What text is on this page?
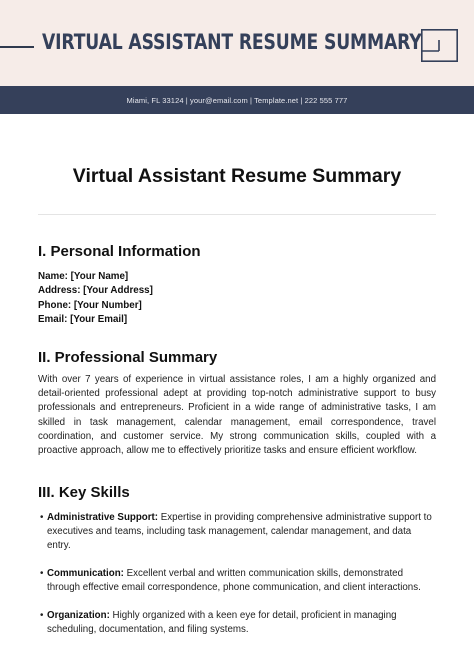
VIRTUAL ASSISTANT RESUME SUMMARY
Miami, FL 33124 | your@email.com | Template.net | 222 555 777
Virtual Assistant Resume Summary
I. Personal Information
Name: [Your Name]
Address: [Your Address]
Phone: [Your Number]
Email: [Your Email]
II. Professional Summary

With over 7 years of experience in virtual assistance roles, I am a highly organized and detail-oriented professional adept at providing top-notch administrative support to busy professionals and entrepreneurs. Proficient in a wide range of administrative tasks, I am skilled in task management, calendar management, email correspondence, travel coordination, and customer service. My strong communication skills, coupled with a proactive approach, allow me to effectively prioritize tasks and ensure efficient workflow.

III. Key Skills
• Administrative Support: Expertise in providing comprehensive administrative support to executives and teams, including task management, calendar management, and data entry.
• Communication: Excellent verbal and written communication skills, demonstrated through effective email correspondence, phone communication, and client interactions.
• Organization: Highly organized with a keen eye for detail, proficient in managing scheduling, documentation, and filing systems.
